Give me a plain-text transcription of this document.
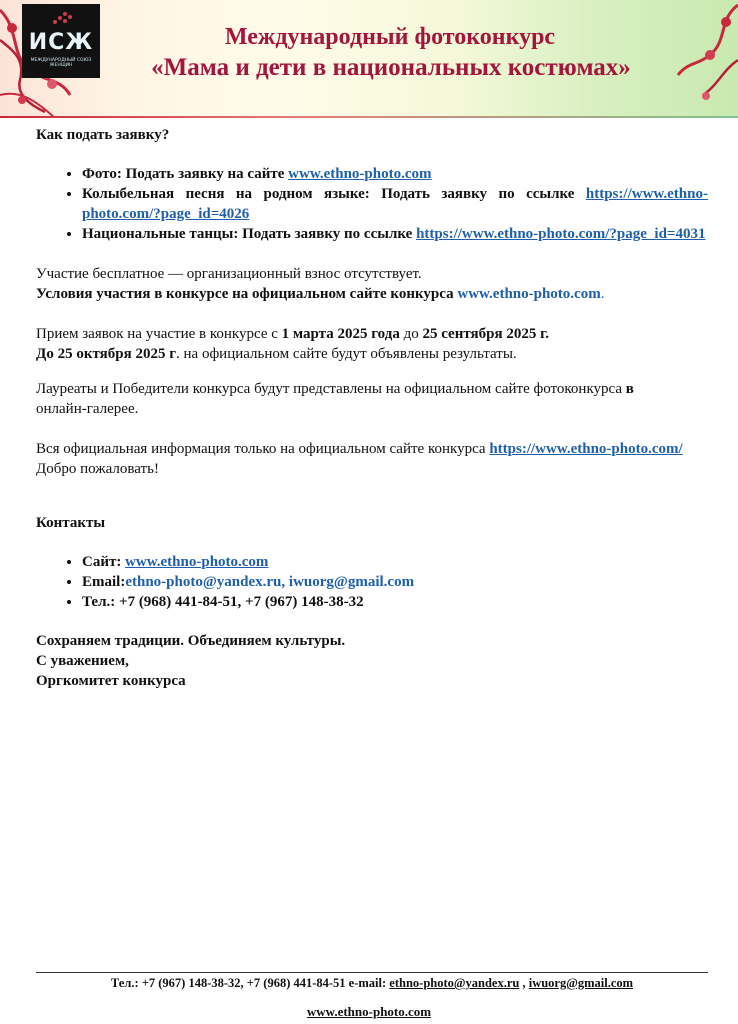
ИСЖ
МЕЖДУНАРОДНЫЙ СОЮЗ ЖЕНЩИН
Международный фотоконкурс
«Мама и дети в национальных костюмах»

Как подать заявку?

• Фото: Подать заявку на сайте www.ethno-photo.com
• Колыбельная песня на родном языке: Подать заявку по ссылке https://www.ethno-photo.com/?page_id=4026
• Национальные танцы: Подать заявку по ссылке https://www.ethno-photo.com/?page_id=4031

Участие бесплатное — организационный взнос отсутствует.

Условия участия в конкурсе на официальном сайте конкурса www.ethno-photo.com.

Прием заявок на участие в конкурсе с 1 марта 2025 года до 25 сентября 2025 г.

До 25 октября 2025 г. на официальном сайте будут объявлены результаты.

Лауреаты и Победители конкурса будут представлены на официальном сайте фотоконкурса в

онлайн-галерее.

Вся официальная информация только на официальном сайте конкурса https://www.ethno-photo.com/

Добро пожаловать!

Контакты

• Сайт: www.ethno-photo.com
• Email:ethno-photo@yandex.ru, iwuorg@gmail.com
• Тел.: +7 (968) 441-84-51, +7 (967) 148-38-32

Сохраняем традиции. Объединяем культуры.

С уважением,

Оргкомитет конкурса

Тел.: +7 (967) 148-38-32, +7 (968) 441-84-51 e-mail: ethno-photo@yandex.ru , iwuorg@gmail.com
www.ethno-photo.com
